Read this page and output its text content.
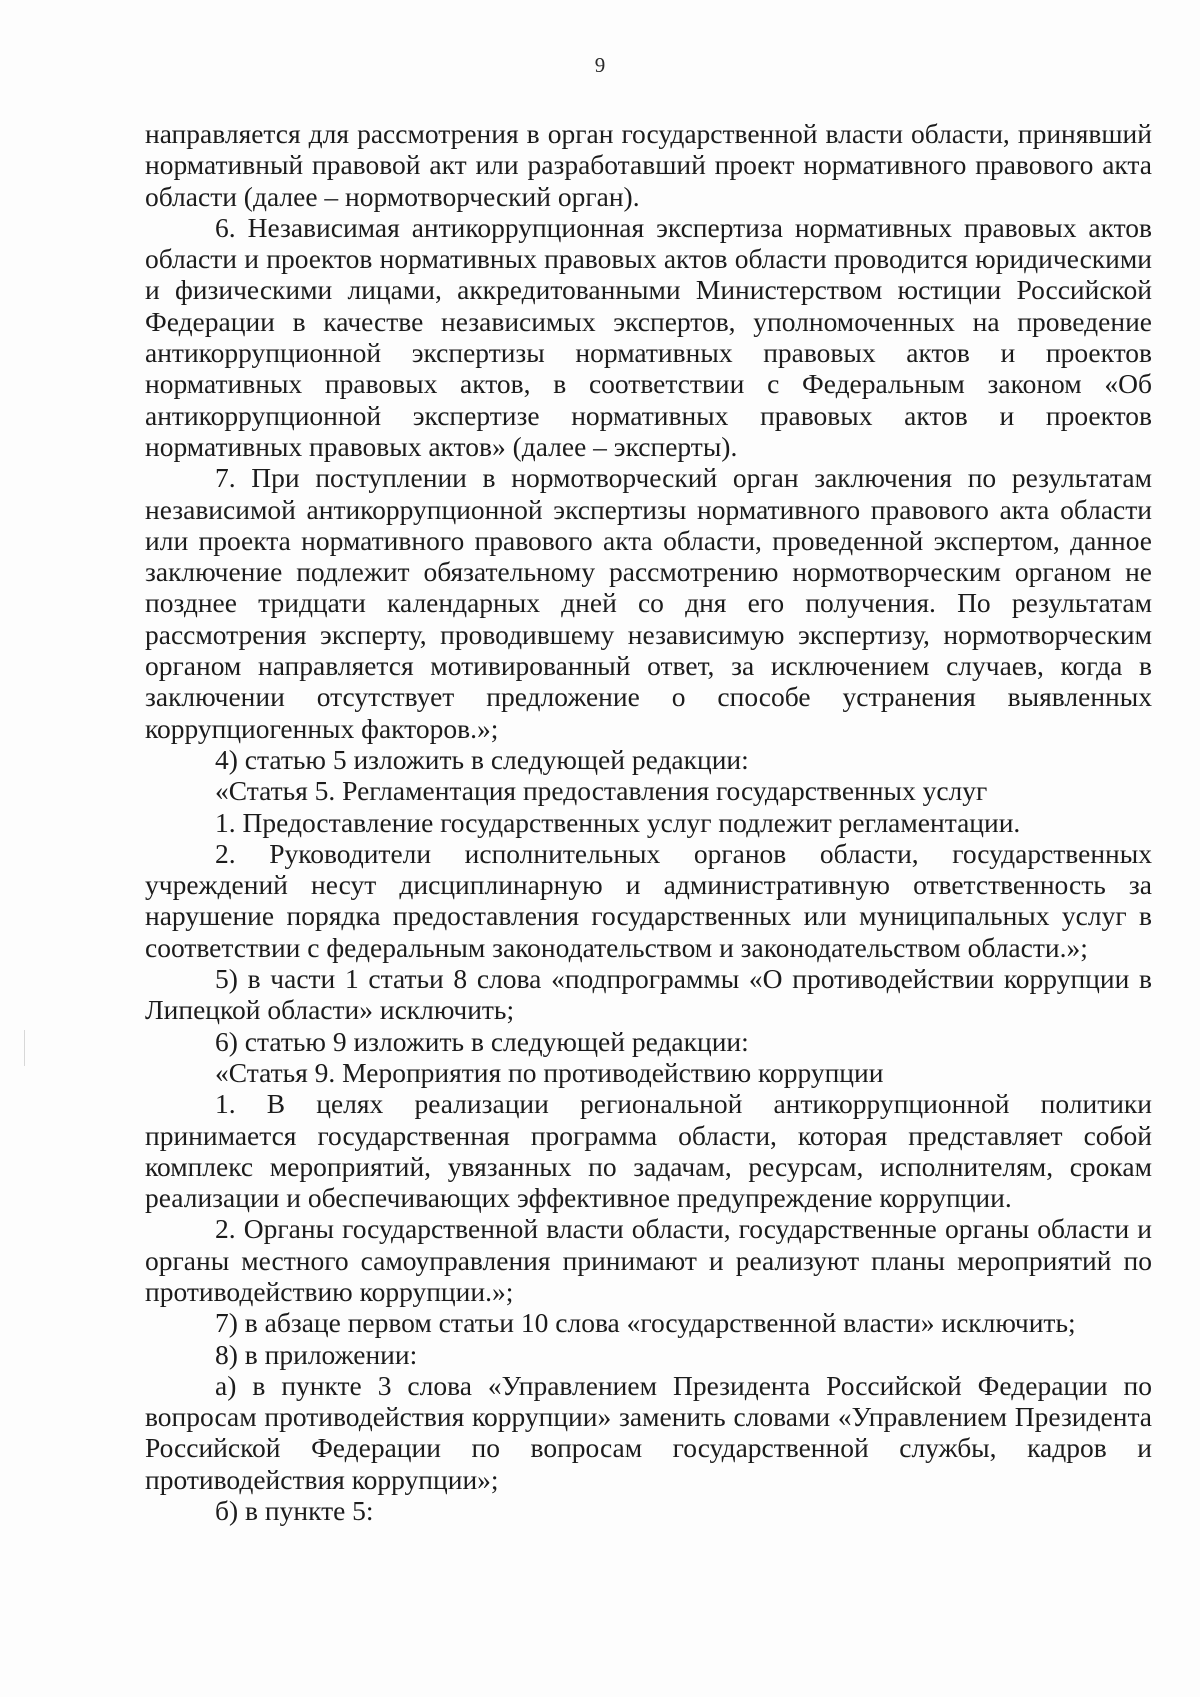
9

направляется для рассмотрения в орган государственной власти области, принявший нормативный правовой акт или разработавший проект нормативного правового акта области (далее – нормотворческий орган).

6. Независимая антикоррупционная экспертиза нормативных правовых актов области и проектов нормативных правовых актов области проводится юридическими и физическими лицами, аккредитованными Министерством юстиции Российской Федерации в качестве независимых экспертов, уполномоченных на проведение антикоррупционной экспертизы нормативных правовых актов и проектов нормативных правовых актов, в соответствии с Федеральным законом «Об антикоррупционной экспертизе нормативных правовых актов и проектов нормативных правовых актов» (далее – эксперты).

7. При поступлении в нормотворческий орган заключения по результатам независимой антикоррупционной экспертизы нормативного правового акта области или проекта нормативного правового акта области, проведенной экспертом, данное заключение подлежит обязательному рассмотрению нормотворческим органом не позднее тридцати календарных дней со дня его получения. По результатам рассмотрения эксперту, проводившему независимую экспертизу, нормотворческим органом направляется мотивированный ответ, за исключением случаев, когда в заключении отсутствует предложение о способе устранения выявленных коррупциогенных факторов.»;

4) статью 5 изложить в следующей редакции:

«Статья 5. Регламентация предоставления государственных услуг

1. Предоставление государственных услуг подлежит регламентации.

2. Руководители исполнительных органов области, государственных учреждений несут дисциплинарную и административную ответственность за нарушение порядка предоставления государственных или муниципальных услуг в соответствии с федеральным законодательством и законодательством области.»;

5) в части 1 статьи 8 слова «подпрограммы «О противодействии коррупции в Липецкой области» исключить;

6) статью 9 изложить в следующей редакции:

«Статья 9. Мероприятия по противодействию коррупции

1. В целях реализации региональной антикоррупционной политики принимается государственная программа области, которая представляет собой комплекс мероприятий, увязанных по задачам, ресурсам, исполнителям, срокам реализации и обеспечивающих эффективное предупреждение коррупции.

2. Органы государственной власти области, государственные органы области и органы местного самоуправления принимают и реализуют планы мероприятий по противодействию коррупции.»;

7) в абзаце первом статьи 10 слова «государственной власти» исключить;

8) в приложении:

а) в пункте 3 слова «Управлением Президента Российской Федерации по вопросам противодействия коррупции» заменить словами «Управлением Президента Российской Федерации по вопросам государственной службы, кадров и противодействия коррупции»;

б) в пункте 5:
